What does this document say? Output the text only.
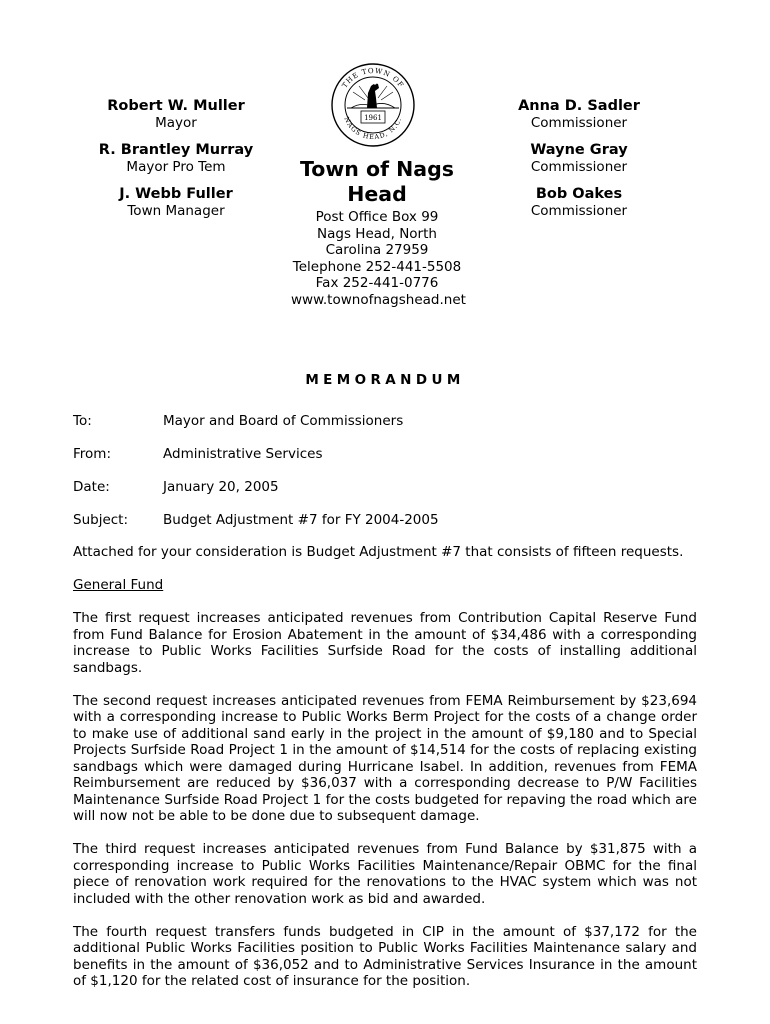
Robert W. Muller
Mayor
R. Brantley Murray
Mayor Pro Tem
J. Webb Fuller
Town Manager
THE TOWN OF
NAGS HEAD, N.C.
1961
Town of Nags Head
Post Office Box 99
Nags Head, North Carolina 27959
Telephone 252-441-5508
Fax 252-441-0776
www.townofnagshead.net
Anna D. Sadler
Commissioner
Wayne Gray
Commissioner
Bob Oakes
Commissioner
MEMORANDUM
To:	Mayor and Board of Commissioners
From:	Administrative Services
Date:	January 20, 2005
Subject:	Budget Adjustment #7 for FY 2004-2005

Attached for your consideration is Budget Adjustment #7 that consists of fifteen requests.

General Fund

The first request increases anticipated revenues from Contribution Capital Reserve Fund from Fund Balance for Erosion Abatement in the amount of $34,486 with a corresponding increase to Public Works Facilities Surfside Road for the costs of installing additional sandbags.

The second request increases anticipated revenues from FEMA Reimbursement by $23,694 with a corresponding increase to Public Works Berm Project for the costs of a change order to make use of additional sand early in the project in the amount of $9,180 and to Special Projects Surfside Road Project 1 in the amount of $14,514 for the costs of replacing existing sandbags which were damaged during Hurricane Isabel. In addition, revenues from FEMA Reimbursement are reduced by $36,037 with a corresponding decrease to P/W Facilities Maintenance Surfside Road Project 1 for the costs budgeted for repaving the road which are will now not be able to be done due to subsequent damage.

The third request increases anticipated revenues from Fund Balance by $31,875 with a corresponding increase to Public Works Facilities Maintenance/Repair OBMC for the final piece of renovation work required for the renovations to the HVAC system which was not included with the other renovation work as bid and awarded.

The fourth request transfers funds budgeted in CIP in the amount of $37,172 for the additional Public Works Facilities position to Public Works Facilities Maintenance salary and benefits in the amount of $36,052 and to Administrative Services Insurance in the amount of $1,120 for the related cost of insurance for the position.
